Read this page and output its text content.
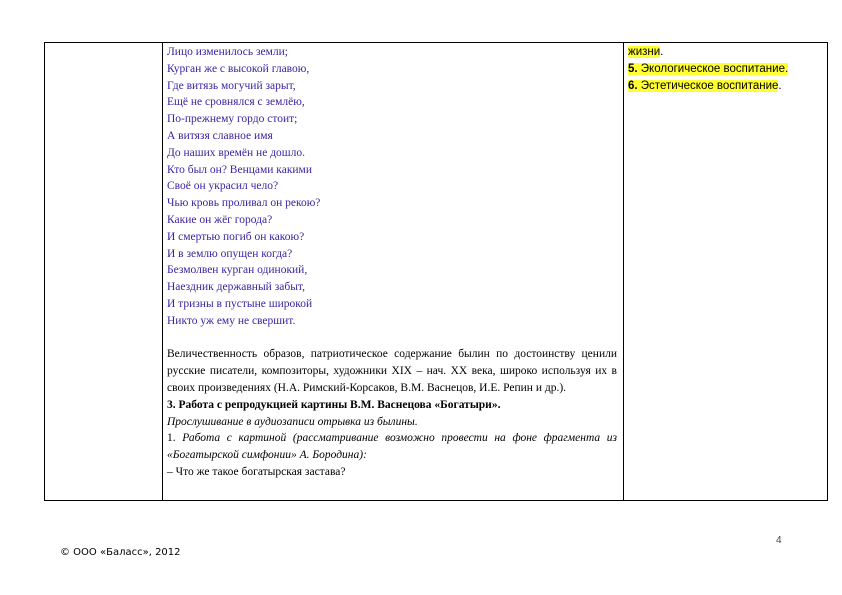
Лицо изменилось земли;
Курган же с высокой главою,
Где витязь могучий зарыт,
Ещё не сровнялся с землёю,
По-прежнему гордо стоит;
А витязя славное имя
До наших времён не дошло.
Кто был он? Венцами какими
Своё он украсил чело?
Чью кровь проливал он рекою?
Какие он жёг города?
И смертью погиб он какою?
И в землю опущен когда?
Безмолвен курган одинокий,
Наездник державный забыт,
И тризны в пустыне широкой
Никто уж ему не свершит.
Величественность образов, патриотическое содержание былин по достоинству ценили русские писатели, композиторы, художники XIX – нач. XX века, широко используя их в своих произведениях (Н.А. Римский-Корсаков, В.М. Васнецов, И.Е. Репин и др.).
3. Работа с репродукцией картины В.М. Васнецова «Богатыри».
Прослушивание в аудиозаписи отрывка из былины.
1. Работа с картиной (рассматривание возможно провести на фоне фрагмента из «Богатырской симфонии» А. Бородина):
– Что же такое богатырская застава?
жизни.
5. Экологическое воспитание.
6. Эстетическое воспитание.
4
© ООО «Баласс», 2012
